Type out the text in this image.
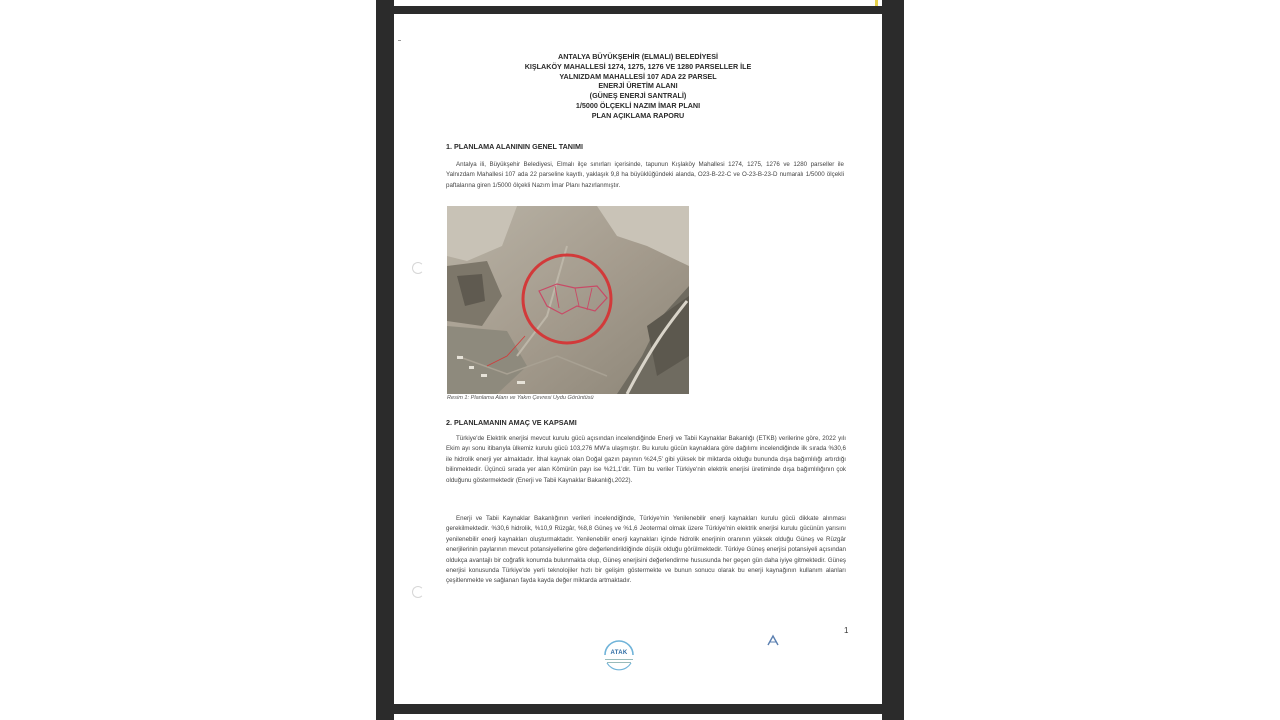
ANTALYA BÜYÜKŞEHİR (ELMALI) BELEDİYESİ
KIŞLAKÖY MAHALLESİ 1274, 1275, 1276 VE 1280 PARSELLER İLE
YALNIZDAM MAHALLESİ 107 ADA 22 PARSEL
ENERJİ ÜRETİM ALANI
(GÜNEŞ ENERJİ SANTRALİ)
1/5000 ÖLÇEKLİ NAZIM İMAR PLANI
PLAN AÇIKLAMA RAPORU
1. PLANLAMA ALANININ GENEL TANIMI
Antalya ili, Büyükşehir Belediyesi, Elmalı ilçe sınırları içerisinde, tapunun Kışlaköy Mahallesi 1274, 1275, 1276 ve 1280 parseller ile Yalnızdam Mahallesi 107 ada 22 parseline kayıtlı, yaklaşık 9,8 ha büyüklüğündeki alanda, O23-B-22-C ve O-23-B-23-D numaralı 1/5000 ölçekli paftalarına giren 1/5000 ölçekli Nazım İmar Planı hazırlanmıştır.
Resim 1: Planlama Alanı ve Yakın Çevresi Uydu Görüntüsü
2. PLANLAMANIN AMAÇ VE KAPSAMI
Türkiye'de Elektrik enerjisi mevcut kurulu gücü açısından incelendiğinde Enerji ve Tabii Kaynaklar Bakanlığı (ETKB) verilerine göre, 2022 yılı Ekim ayı sonu itibarıyla ülkemiz kurulu gücü 103,276 MW'a ulaşmıştır. Bu kurulu gücün kaynaklara göre dağılımı incelendiğinde ilk sırada %30,6 ile hidrolik enerji yer almaktadır. İthal kaynak olan Doğal gazın payının %24,5' gibi yüksek bir miktarda olduğu bununda dışa bağımlılığı artırdığı bilinmektedir. Üçüncü sırada yer alan Kömürün payı ise %21,1'dir. Tüm bu veriler Türkiye'nin elektrik enerjisi üretiminde dışa bağımlılığının çok olduğunu göstermektedir (Enerji ve Tabii Kaynaklar Bakanlığı,2022).
Enerji ve Tabii Kaynaklar Bakanlığının verileri incelendiğinde, Türkiye'nin Yenilenebilir enerji kaynakları kurulu gücü dikkate alınması gerekilmektedir. %30,6 hidrolik, %10,9 Rüzgâr, %8,8 Güneş ve %1,6 Jeotermal olmak üzere Türkiye'nin elektrik enerjisi kurulu gücünün yarısını yenilenebilir enerji kaynakları oluşturmaktadır. Yenilenebilir enerji kaynakları içinde hidrolik enerjinin oranının yüksek olduğu Güneş ve Rüzgâr enerjilerinin paylarının mevcut potansiyellerine göre değerlendirildiğinde düşük olduğu görülmektedir. Türkiye Güneş enerjisi potansiyeli açısından oldukça avantajlı bir coğrafik konumda bulunmakta olup, Güneş enerjisini değerlendirme hususunda her geçen gün daha iyiye gitmektedir. Güneş enerjisi konusunda Türkiye'de yerli teknolojiler hızlı bir gelişim göstermekte ve bunun sonucu olarak bu enerji kaynağının kullanım alanları çeşitlenmekte ve sağlanan fayda kayda değer miktarda artmaktadır.
ATAK
1
